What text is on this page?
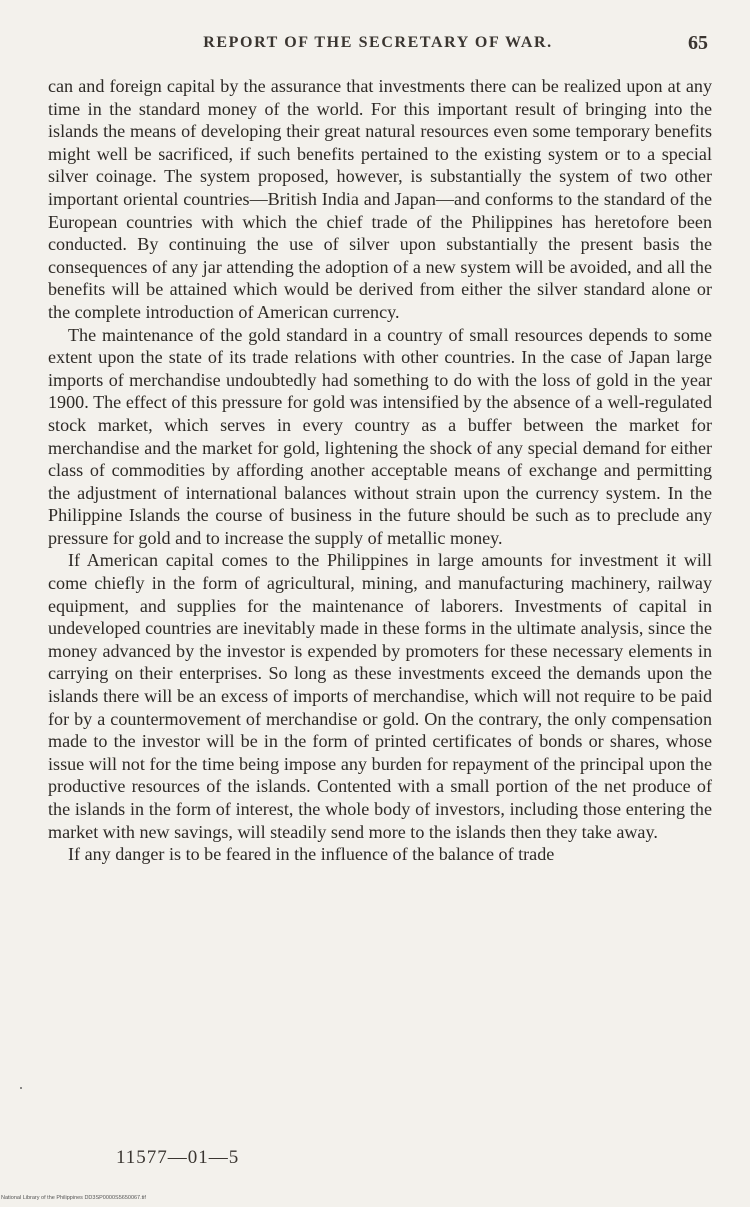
REPORT OF THE SECRETARY OF WAR.	65

can and foreign capital by the assurance that investments there can be realized upon at any time in the standard money of the world. For this important result of bringing into the islands the means of developing their great natural resources even some temporary benefits might well be sacrificed, if such benefits pertained to the existing system or to a special silver coinage. The system proposed, however, is substantially the system of two other important oriental countries—British India and Japan—and conforms to the standard of the European countries with which the chief trade of the Philippines has heretofore been conducted. By continuing the use of silver upon substantially the present basis the consequences of any jar attending the adoption of a new system will be avoided, and all the benefits will be attained which would be derived from either the silver standard alone or the complete introduction of American currency.

The maintenance of the gold standard in a country of small resources depends to some extent upon the state of its trade relations with other countries. In the case of Japan large imports of merchandise undoubtedly had something to do with the loss of gold in the year 1900. The effect of this pressure for gold was intensified by the absence of a well-regulated stock market, which serves in every country as a buffer between the market for merchandise and the market for gold, lightening the shock of any special demand for either class of commodities by affording another acceptable means of exchange and permitting the adjustment of international balances without strain upon the currency system. In the Philippine Islands the course of business in the future should be such as to preclude any pressure for gold and to increase the supply of metallic money.

If American capital comes to the Philippines in large amounts for investment it will come chiefly in the form of agricultural, mining, and manufacturing machinery, railway equipment, and supplies for the maintenance of laborers. Investments of capital in undeveloped countries are inevitably made in these forms in the ultimate analysis, since the money advanced by the investor is expended by promoters for these necessary elements in carrying on their enterprises. So long as these investments exceed the demands upon the islands there will be an excess of imports of merchandise, which will not require to be paid for by a countermovement of merchandise or gold. On the contrary, the only compensation made to the investor will be in the form of printed certificates of bonds or shares, whose issue will not for the time being impose any burden for repayment of the principal upon the productive resources of the islands. Contented with a small portion of the net produce of the islands in the form of interest, the whole body of investors, including those entering the market with new savings, will steadily send more to the islands then they take away.

If any danger is to be feared in the influence of the balance of trade

11577—01—5
National Library of the Philippines DD3SP0000S5650067.tif
